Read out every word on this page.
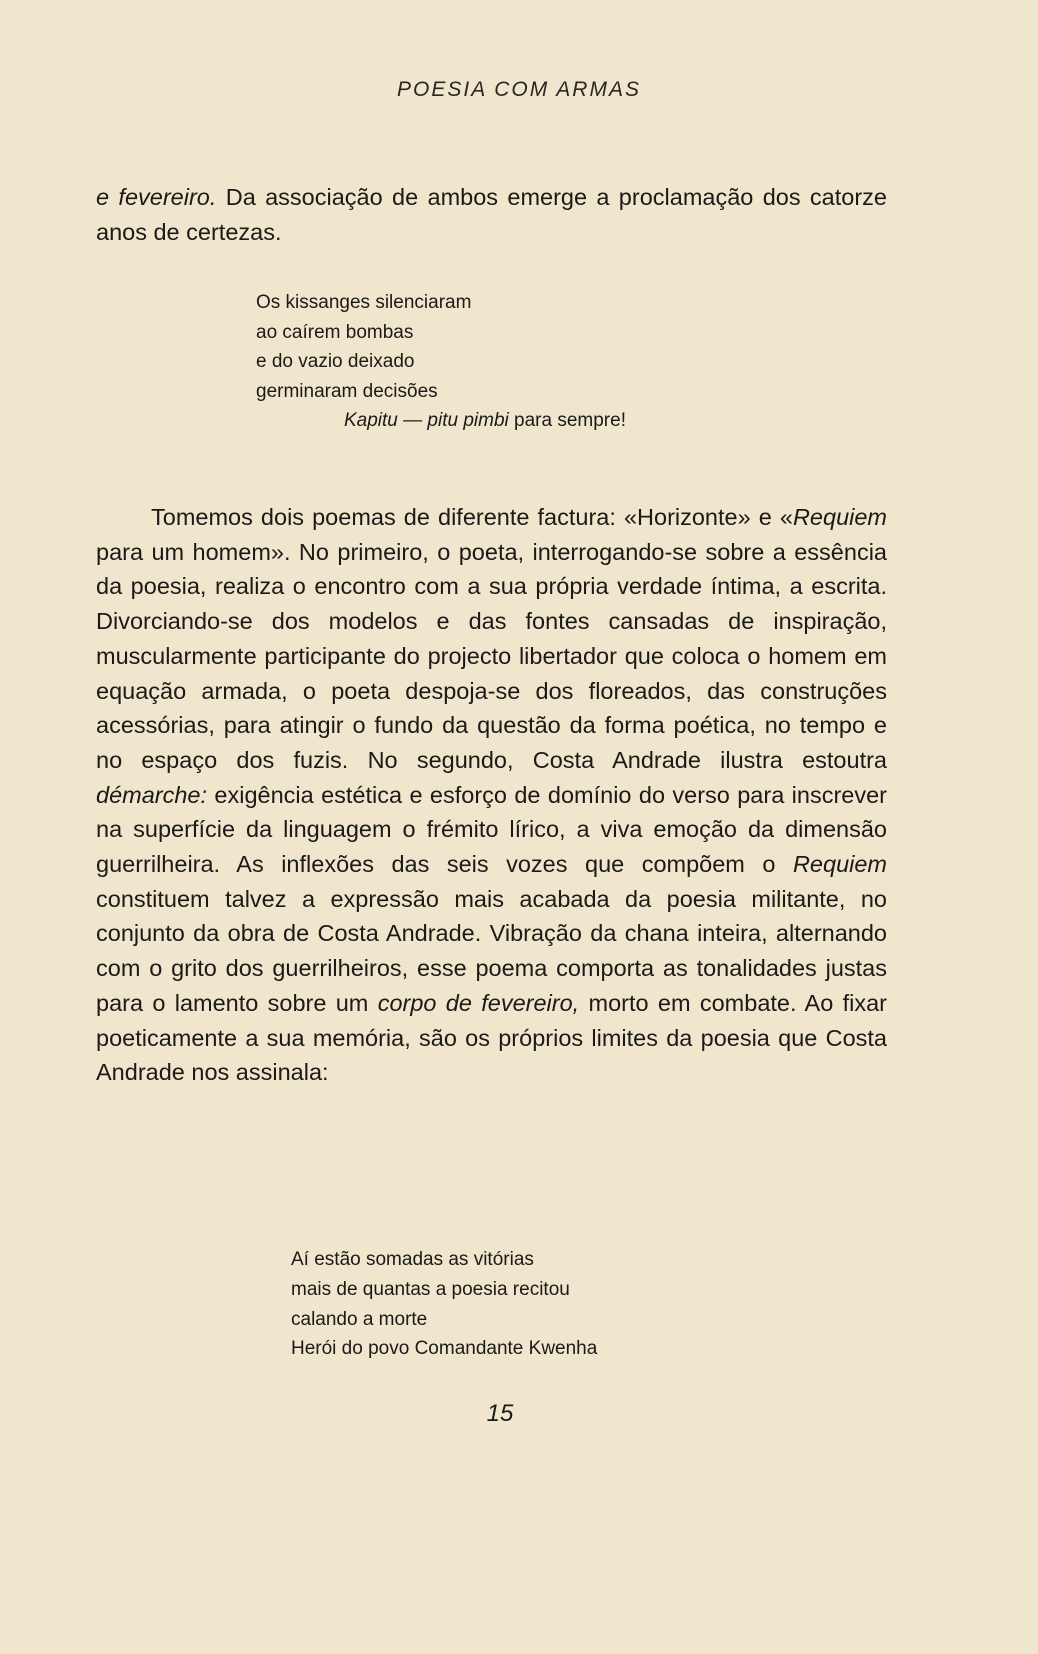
POESIA COM ARMAS

e fevereiro. Da associação de ambos emerge a proclamação dos catorze anos de certezas.

Os kissanges silenciaram
ao caírem bombas
e do vazio deixado
germinaram decisões
Kapitu — pitu pimbi para sempre!

Tomemos dois poemas de diferente factura: «Horizonte» e «Requiem para um homem». No primeiro, o poeta, interrogando-se sobre a essência da poesia, realiza o encontro com a sua própria verdade íntima, a escrita. Divorciando-se dos modelos e das fontes cansadas de inspiração, muscularmente participante do projecto libertador que coloca o homem em equação armada, o poeta despoja-se dos floreados, das construções acessórias, para atingir o fundo da questão da forma poética, no tempo e no espaço dos fuzis. No segundo, Costa Andrade ilustra estoutra démarche: exigência estética e esforço de domínio do verso para inscrever na superfície da linguagem o frémito lírico, a viva emoção da dimensão guerrilheira. As inflexões das seis vozes que compõem o Requiem constituem talvez a expressão mais acabada da poesia militante, no conjunto da obra de Costa Andrade. Vibração da chana inteira, alternando com o grito dos guerrilheiros, esse poema comporta as tonalidades justas para o lamento sobre um corpo de fevereiro, morto em combate. Ao fixar poeticamente a sua memória, são os próprios limites da poesia que Costa Andrade nos assinala:

Aí estão somadas as vitórias
mais de quantas a poesia recitou
calando a morte
Herói do povo Comandante Kwenha
15
